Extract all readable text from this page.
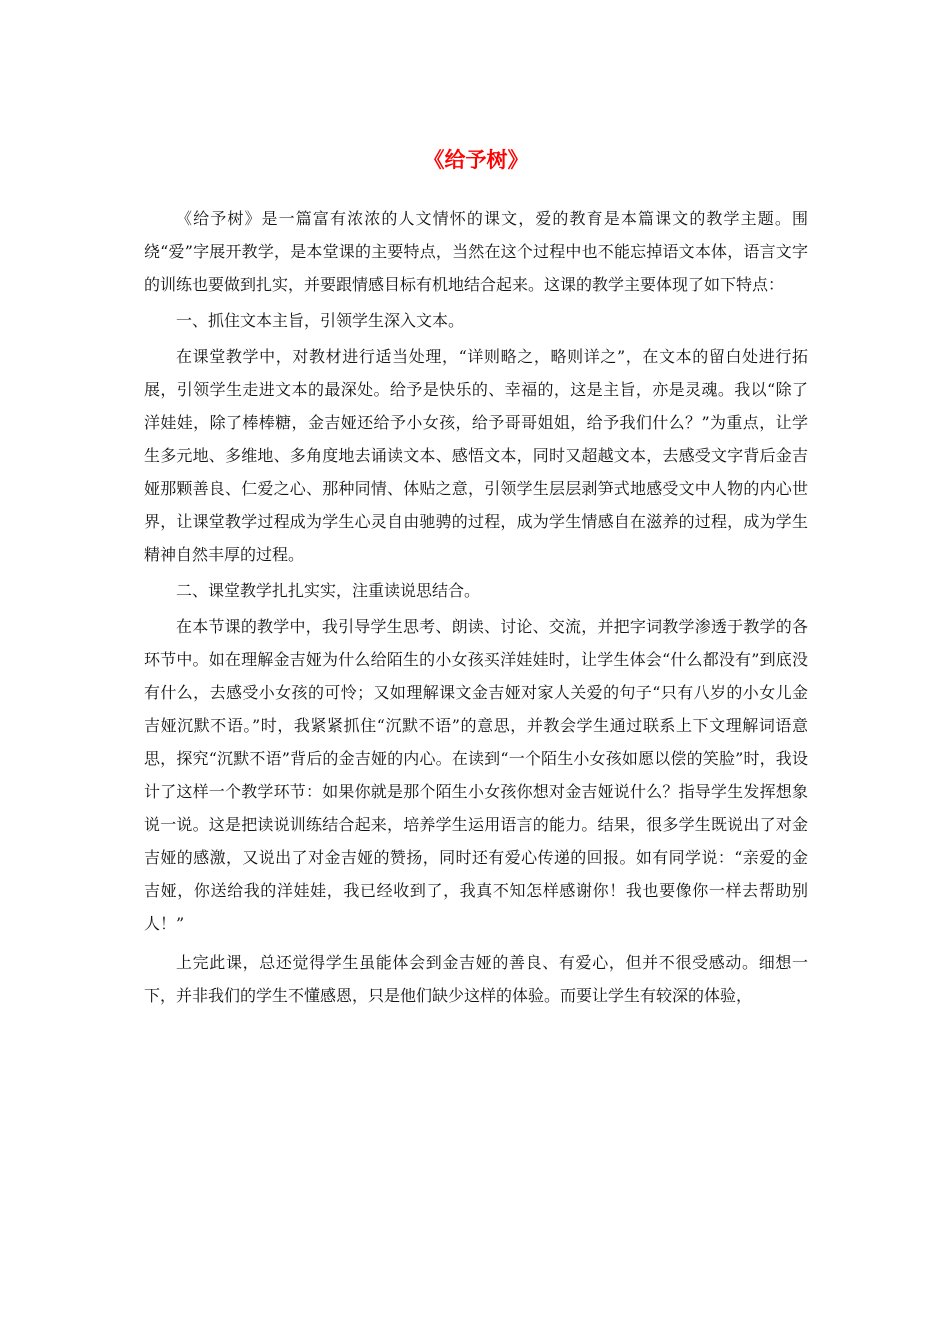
《给予树》

《给予树》是一篇富有浓浓的人文情怀的课文，爱的教育是本篇课文的教学主题。围绕“爱”字展开教学，是本堂课的主要特点，当然在这个过程中也不能忘掉语文本体，语言文字的训练也要做到扎实，并要跟情感目标有机地结合起来。这课的教学主要体现了如下特点：

一、抓住文本主旨，引领学生深入文本。

在课堂教学中，对教材进行适当处理，“详则略之，略则详之”，在文本的留白处进行拓展，引领学生走进文本的最深处。给予是快乐的、幸福的，这是主旨，亦是灵魂。我以“除了洋娃娃，除了棒棒糖，金吉娅还给予小女孩，给予哥哥姐姐，给予我们什么？”为重点，让学生多元地、多维地、多角度地去诵读文本、感悟文本，同时又超越文本，去感受文字背后金吉娅那颗善良、仁爱之心、那种同情、体贴之意，引领学生层层剥笋式地感受文中人物的内心世界，让课堂教学过程成为学生心灵自由驰骋的过程，成为学生情感自在滋养的过程，成为学生精神自然丰厚的过程。

二、课堂教学扎扎实实，注重读说思结合。

在本节课的教学中，我引导学生思考、朗读、讨论、交流，并把字词教学渗透于教学的各环节中。如在理解金吉娅为什么给陌生的小女孩买洋娃娃时，让学生体会“什么都没有”到底没有什么，去感受小女孩的可怜；又如理解课文金吉娅对家人关爱的句子“只有八岁的小女儿金吉娅沉默不语。”时，我紧紧抓住“沉默不语”的意思，并教会学生通过联系上下文理解词语意思，探究“沉默不语”背后的金吉娅的内心。在读到“一个陌生小女孩如愿以偿的笑脸”时，我设计了这样一个教学环节：如果你就是那个陌生小女孩你想对金吉娅说什么？指导学生发挥想象说一说。这是把读说训练结合起来，培养学生运用语言的能力。结果，很多学生既说出了对金吉娅的感激，又说出了对金吉娅的赞扬，同时还有爱心传递的回报。如有同学说：“亲爱的金吉娅，你送给我的洋娃娃，我已经收到了，我真不知怎样感谢你！我也要像你一样去帮助别人！”

上完此课，总还觉得学生虽能体会到金吉娅的善良、有爱心，但并不很受感动。细想一下，并非我们的学生不懂感恩，只是他们缺少这样的体验。而要让学生有较深的体验，
